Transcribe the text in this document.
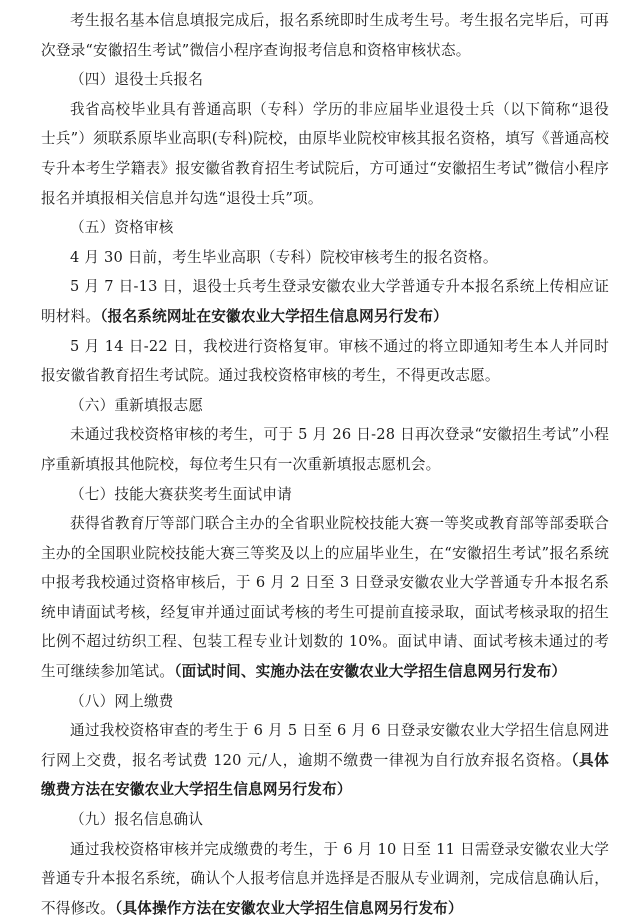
考生报名基本信息填报完成后，报名系统即时生成考生号。考生报名完毕后，可再次登录“安徽招生考试”微信小程序查询报考信息和资格审核状态。

（四）退役士兵报名

我省高校毕业具有普通高职（专科）学历的非应届毕业退役士兵（以下简称“退役士兵”）须联系原毕业高职(专科)院校，由原毕业院校审核其报名资格，填写《普通高校专升本考生学籍表》报安徽省教育招生考试院后，方可通过“安徽招生考试”微信小程序报名并填报相关信息并勾选“退役士兵”项。

（五）资格审核

4 月 30 日前，考生毕业高职（专科）院校审核考生的报名资格。

5 月 7 日-13 日，退役士兵考生登录安徽农业大学普通专升本报名系统上传相应证明材料。（报名系统网址在安徽农业大学招生信息网另行发布）

5 月 14 日-22 日，我校进行资格复审。审核不通过的将立即通知考生本人并同时报安徽省教育招生考试院。通过我校资格审核的考生，不得更改志愿。

（六）重新填报志愿

未通过我校资格审核的考生，可于 5 月 26 日-28 日再次登录“安徽招生考试”小程序重新填报其他院校，每位考生只有一次重新填报志愿机会。

（七）技能大赛获奖考生面试申请

获得省教育厅等部门联合主办的全省职业院校技能大赛一等奖或教育部等部委联合主办的全国职业院校技能大赛三等奖及以上的应届毕业生，在“安徽招生考试”报名系统中报考我校通过资格审核后，于 6 月 2 日至 3 日登录安徽农业大学普通专升本报名系统申请面试考核，经复审并通过面试考核的考生可提前直接录取，面试考核录取的招生比例不超过纺织工程、包装工程专业计划数的 10%。面试申请、面试考核未通过的考生可继续参加笔试。（面试时间、实施办法在安徽农业大学招生信息网另行发布）

（八）网上缴费

通过我校资格审查的考生于 6 月 5 日至 6 月 6 日登录安徽农业大学招生信息网进行网上交费，报名考试费 120 元/人，逾期不缴费一律视为自行放弃报名资格。（具体缴费方法在安徽农业大学招生信息网另行发布）

（九）报名信息确认

通过我校资格审核并完成缴费的考生，于 6 月 10 日至 11 日需登录安徽农业大学普通专升本报名系统，确认个人报考信息并选择是否服从专业调剂，完成信息确认后，不得修改。（具体操作方法在安徽农业大学招生信息网另行发布）
